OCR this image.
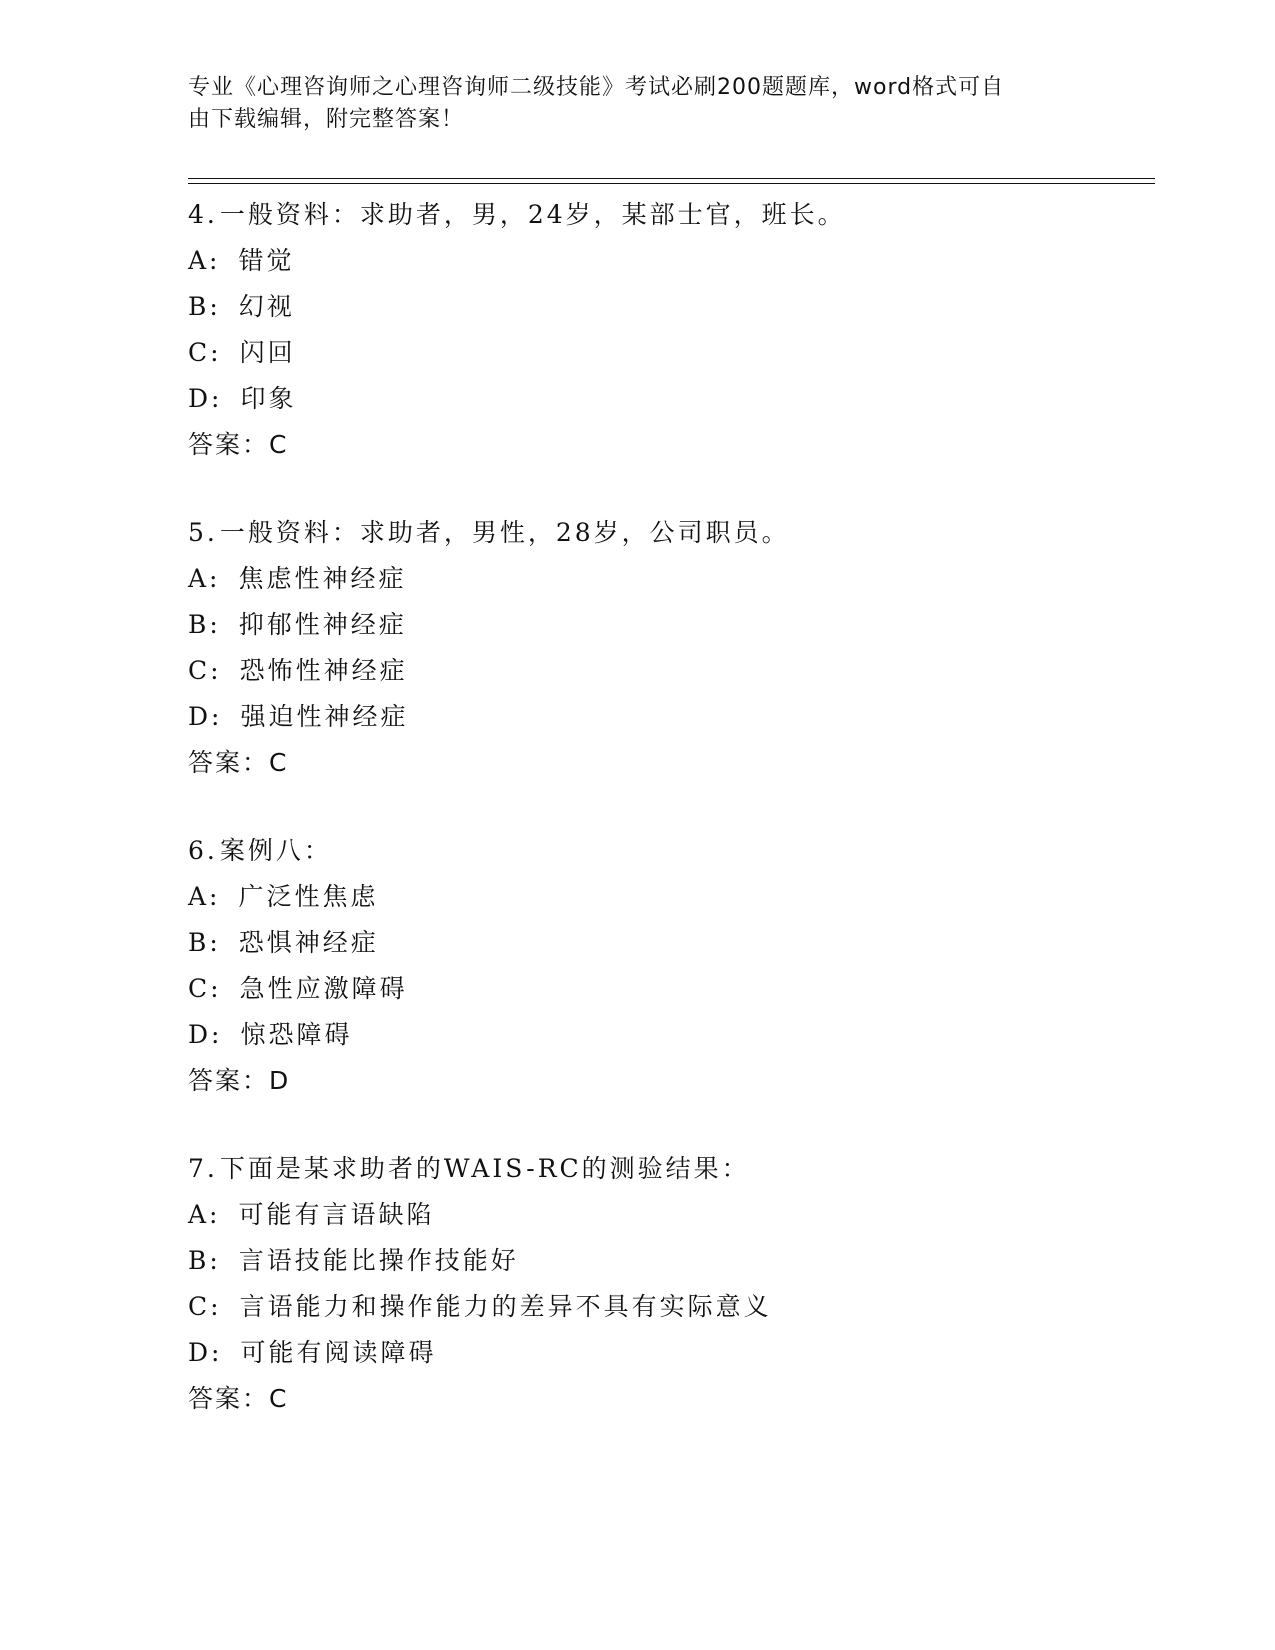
专业《心理咨询师之心理咨询师二级技能》考试必刷200题题库，word格式可自
由下载编辑，附完整答案！
4.一般资料：求助者，男，24岁，某部士官，班长。
A: 错觉
B: 幻视
C: 闪回
D: 印象
答案：C
5.一般资料：求助者，男性，28岁，公司职员。
A: 焦虑性神经症
B: 抑郁性神经症
C: 恐怖性神经症
D: 强迫性神经症
答案：C
6.案例八：
A: 广泛性焦虑
B: 恐惧神经症
C: 急性应激障碍
D: 惊恐障碍
答案：D
7.下面是某求助者的WAIS-RC的测验结果：
A: 可能有言语缺陷
B: 言语技能比操作技能好
C: 言语能力和操作能力的差异不具有实际意义
D: 可能有阅读障碍
答案：C
